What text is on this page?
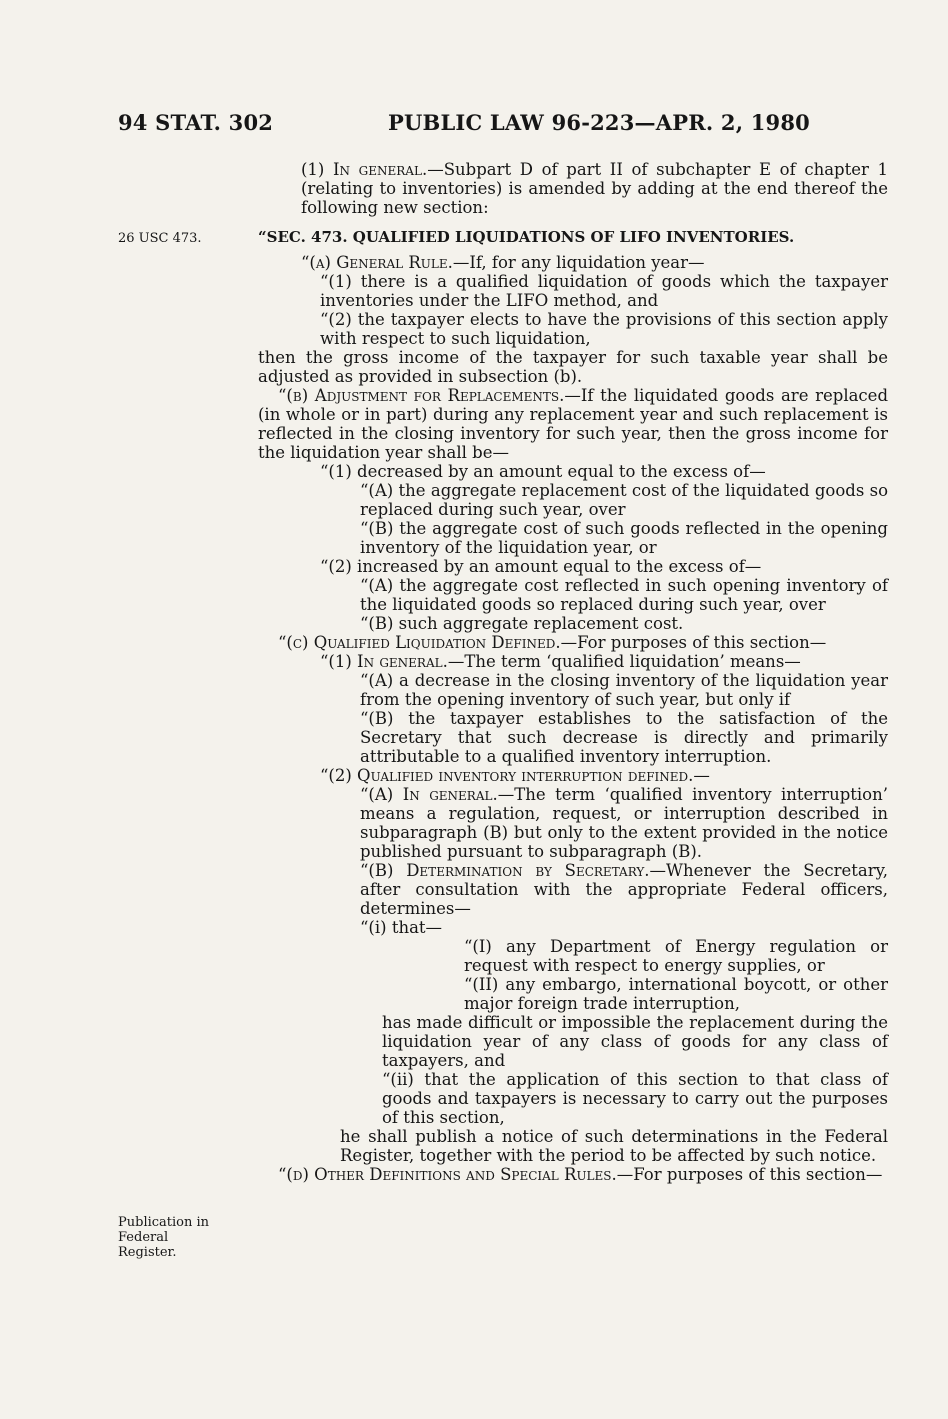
94 STAT. 302	PUBLIC LAW 96-223—APR. 2, 1980
26 USC 473.
Publication in
Federal
Register.

(1) In general.—Subpart D of part II of subchapter E of chapter 1 (relating to inventories) is amended by adding at the end thereof the following new section:

“SEC. 473. QUALIFIED LIQUIDATIONS OF LIFO INVENTORIES.

“(a) General Rule.—If, for any liquidation year—

“(1) there is a qualified liquidation of goods which the taxpayer inventories under the LIFO method, and

“(2) the taxpayer elects to have the provisions of this section apply with respect to such liquidation,

then the gross income of the taxpayer for such taxable year shall be adjusted as provided in subsection (b).

“(b) Adjustment for Replacements.—If the liquidated goods are replaced (in whole or in part) during any replacement year and such replacement is reflected in the closing inventory for such year, then the gross income for the liquidation year shall be—

“(1) decreased by an amount equal to the excess of—

“(A) the aggregate replacement cost of the liquidated goods so replaced during such year, over

“(B) the aggregate cost of such goods reflected in the opening inventory of the liquidation year, or

“(2) increased by an amount equal to the excess of—

“(A) the aggregate cost reflected in such opening inventory of the liquidated goods so replaced during such year, over

“(B) such aggregate replacement cost.

“(c) Qualified Liquidation Defined.—For purposes of this section—

“(1) In general.—The term ‘qualified liquidation’ means—

“(A) a decrease in the closing inventory of the liquidation year from the opening inventory of such year, but only if

“(B) the taxpayer establishes to the satisfaction of the Secretary that such decrease is directly and primarily attributable to a qualified inventory interruption.

“(2) Qualified inventory interruption defined.—

“(A) In general.—The term ‘qualified inventory interruption’ means a regulation, request, or interruption described in subparagraph (B) but only to the extent provided in the notice published pursuant to subparagraph (B).

“(B) Determination by Secretary.—Whenever the Secretary, after consultation with the appropriate Federal officers, determines—

“(i) that—

“(I) any Department of Energy regulation or request with respect to energy supplies, or

“(II) any embargo, international boycott, or other major foreign trade interruption,

has made difficult or impossible the replacement during the liquidation year of any class of goods for any class of taxpayers, and

“(ii) that the application of this section to that class of goods and taxpayers is necessary to carry out the purposes of this section,

he shall publish a notice of such determinations in the Federal Register, together with the period to be affected by such notice.

“(d) Other Definitions and Special Rules.—For purposes of this section—
